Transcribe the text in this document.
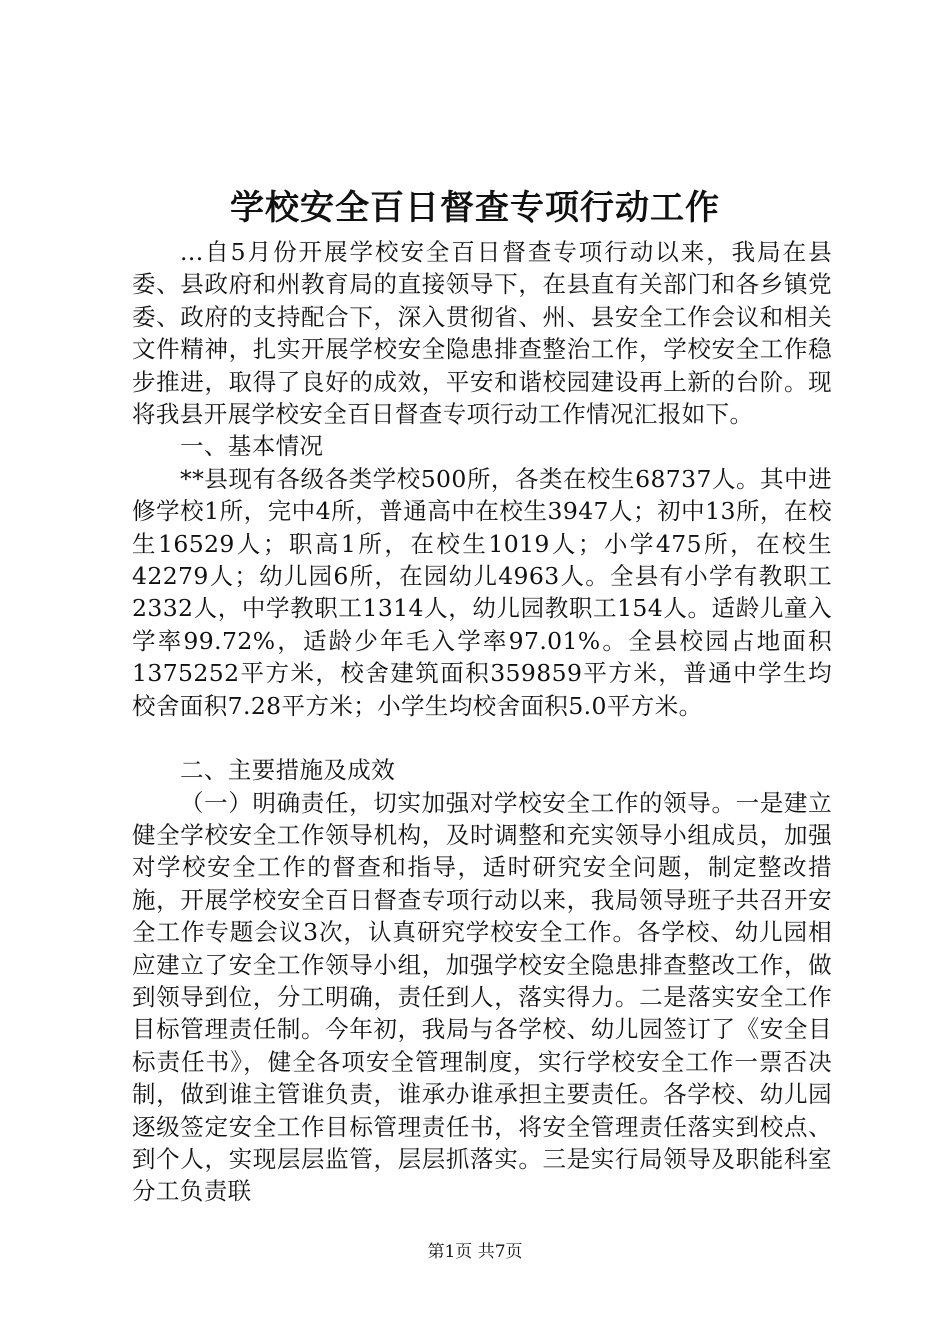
学校安全百日督查专项行动工作

...自5月份开展学校安全百日督查专项行动以来，我局在县委、县政府和州教育局的直接领导下，在县直有关部门和各乡镇党委、政府的支持配合下，深入贯彻省、州、县安全工作会议和相关文件精神，扎实开展学校安全隐患排查整治工作，学校安全工作稳步推进，取得了良好的成效，平安和谐校园建设再上新的台阶。现将我县开展学校安全百日督查专项行动工作情况汇报如下。

一、基本情况

**县现有各级各类学校500所，各类在校生68737人。其中进修学校1所，完中4所，普通高中在校生3947人；初中13所，在校生16529人；职高1所，在校生1019人；小学475所，在校生42279人；幼儿园6所，在园幼儿4963人。全县有小学有教职工2332人，中学教职工1314人，幼儿园教职工154人。适龄儿童入学率99.72%，适龄少年毛入学率97.01%。全县校园占地面积1375252平方米，校舍建筑面积359859平方米，普通中学生均校舍面积7.28平方米；小学生均校舍面积5.0平方米。

二、主要措施及成效

（一）明确责任，切实加强对学校安全工作的领导。一是建立健全学校安全工作领导机构，及时调整和充实领导小组成员，加强对学校安全工作的督查和指导，适时研究安全问题，制定整改措施，开展学校安全百日督查专项行动以来，我局领导班子共召开安全工作专题会议3次，认真研究学校安全工作。各学校、幼儿园相应建立了安全工作领导小组，加强学校安全隐患排查整改工作，做到领导到位，分工明确，责任到人，落实得力。二是落实安全工作目标管理责任制。今年初，我局与各学校、幼儿园签订了《安全目标责任书》，健全各项安全管理制度，实行学校安全工作一票否决制，做到谁主管谁负责，谁承办谁承担主要责任。各学校、幼儿园逐级签定安全工作目标管理责任书，将安全管理责任落实到校点、到个人，实现层层监管，层层抓落实。三是实行局领导及职能科室分工负责联

第1页 共7页
